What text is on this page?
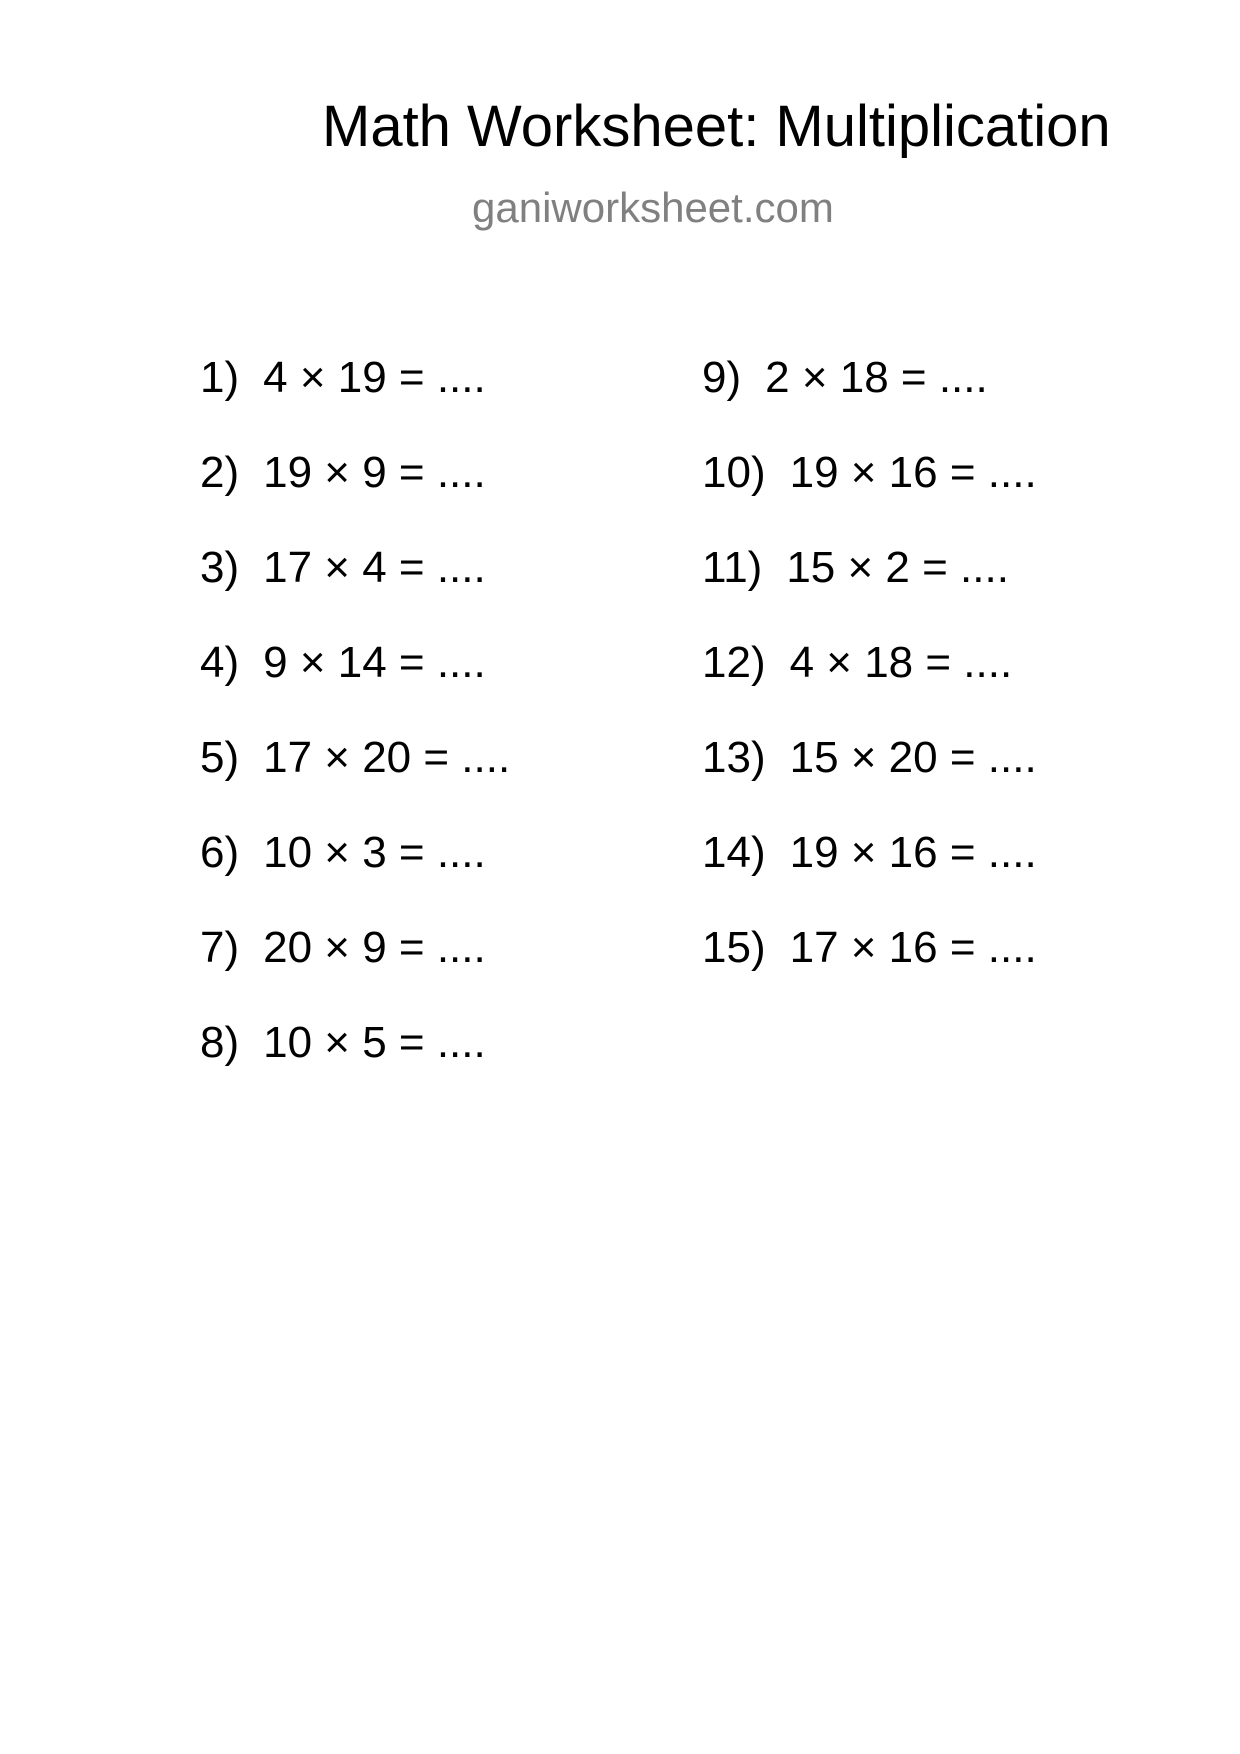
Math Worksheet: Multiplication
ganiworksheet.com
1) 4 × 19 = ....
2) 19 × 9 = ....
3) 17 × 4 = ....
4) 9 × 14 = ....
5) 17 × 20 = ....
6) 10 × 3 = ....
7) 20 × 9 = ....
8) 10 × 5 = ....
9) 2 × 18 = ....
10) 19 × 16 = ....
11) 15 × 2 = ....
12) 4 × 18 = ....
13) 15 × 20 = ....
14) 19 × 16 = ....
15) 17 × 16 = ....
